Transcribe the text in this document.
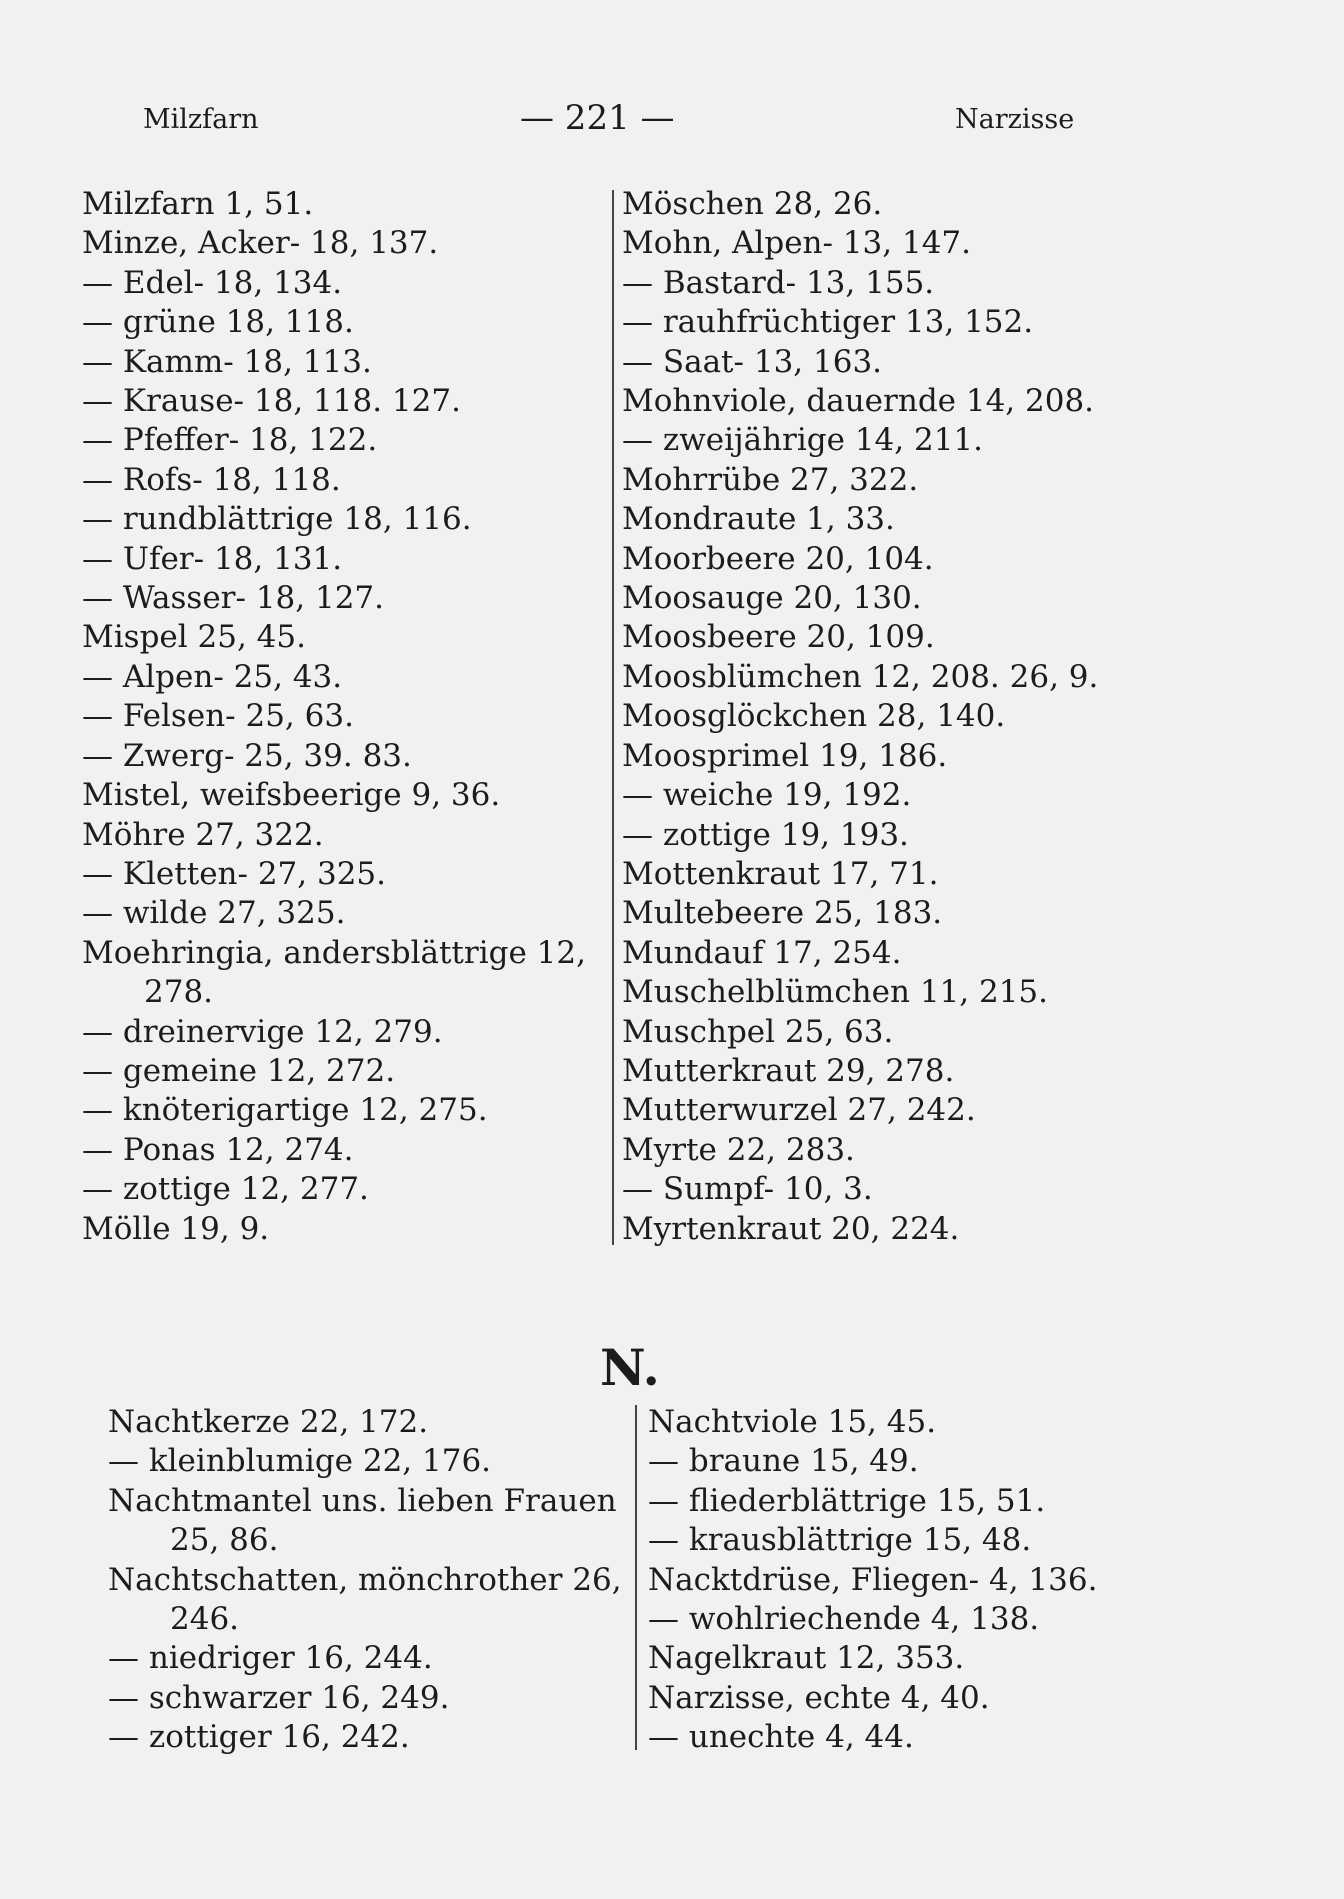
Milzfarn	— 221 —	Narzisse
Milzfarn 1, 51.
Minze, Acker- 18, 137.
— Edel- 18, 134.
— grüne 18, 118.
— Kamm- 18, 113.
— Krause- 18, 118. 127.
— Pfeffer- 18, 122.
— Rofs- 18, 118.
— rundblättrige 18, 116.
— Ufer- 18, 131.
— Wasser- 18, 127.
Mispel 25, 45.
— Alpen- 25, 43.
— Felsen- 25, 63.
— Zwerg- 25, 39. 83.
Mistel, weifsbeerige 9, 36.
Möhre 27, 322.
— Kletten- 27, 325.
— wilde 27, 325.
Moehringia, andersblättrige 12,
278.
— dreinervige 12, 279.
— gemeine 12, 272.
— knöterigartige 12, 275.
— Ponas 12, 274.
— zottige 12, 277.
Mölle 19, 9.
Möschen 28, 26.
Mohn, Alpen- 13, 147.
— Bastard- 13, 155.
— rauhfrüchtiger 13, 152.
— Saat- 13, 163.
Mohnviole, dauernde 14, 208.
— zweijährige 14, 211.
Mohrrübe 27, 322.
Mondraute 1, 33.
Moorbeere 20, 104.
Moosauge 20, 130.
Moosbeere 20, 109.
Moosblümchen 12, 208. 26, 9.
Moosglöckchen 28, 140.
Moosprimel 19, 186.
— weiche 19, 192.
— zottige 19, 193.
Mottenkraut 17, 71.
Multebeere 25, 183.
Mundauf 17, 254.
Muschelblümchen 11, 215.
Muschpel 25, 63.
Mutterkraut 29, 278.
Mutterwurzel 27, 242.
Myrte 22, 283.
— Sumpf- 10, 3.
Myrtenkraut 20, 224.
N.
Nachtkerze 22, 172.
— kleinblumige 22, 176.
Nachtmantel uns. lieben Frauen
25, 86.
Nachtschatten, mönchrother 26,
246.
— niedriger 16, 244.
— schwarzer 16, 249.
— zottiger 16, 242.
Nachtviole 15, 45.
— braune 15, 49.
— fliederblättrige 15, 51.
— krausblättrige 15, 48.
Nacktdrüse, Fliegen- 4, 136.
— wohlriechende 4, 138.
Nagelkraut 12, 353.
Narzisse, echte 4, 40.
— unechte 4, 44.
